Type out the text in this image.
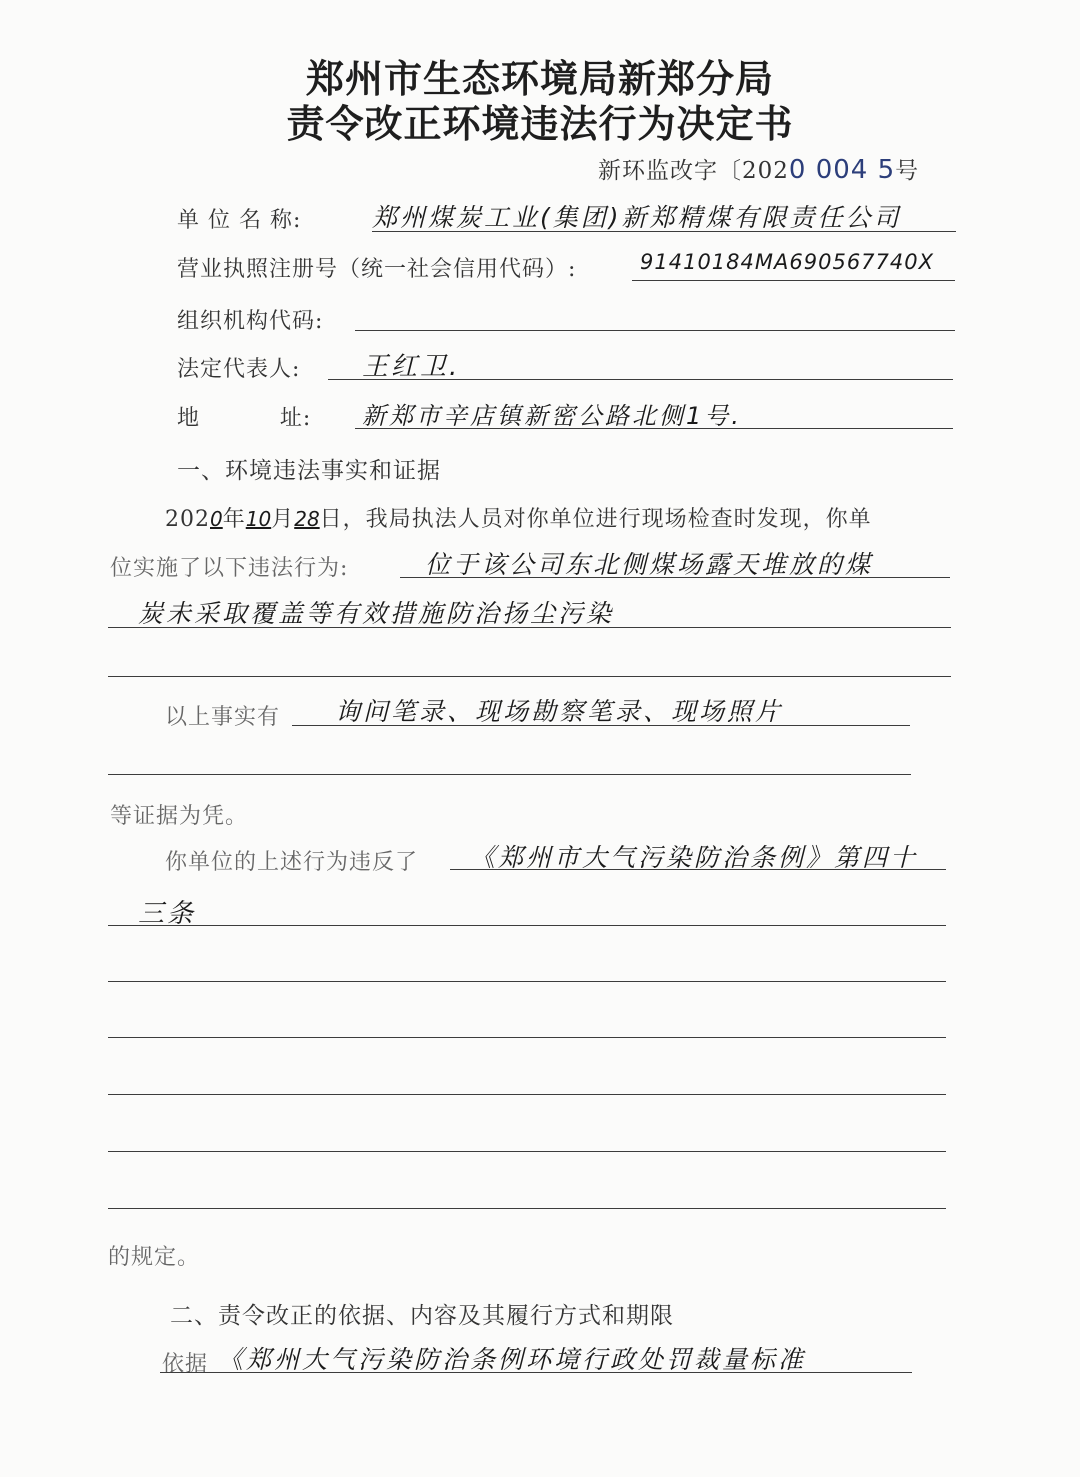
郑州市生态环境局新郑分局
责令改正环境违法行为决定书
新环监改字〔2020 004 5号
单 位 名 称:	郑州煤炭工业(集团)新郑精煤有限责任公司
营业执照注册号（统一社会信用代码）:	91410184MA690567740X
组织机构代码:
法定代表人: 王红卫.
地          址: 新郑市辛店镇新密公路北侧1号.
一、环境违法事实和证据
2020年10月28日，我局执法人员对你单位进行现场检查时发现，你单
位实施了以下违法行为:	位于该公司东北侧煤场露天堆放的煤
炭未采取覆盖等有效措施防治扬尘污染
以上事实有 询问笔录、现场勘察笔录、现场照片
等证据为凭。
你单位的上述行为违反了 《郑州市大气污染防治条例》第四十
三条
的规定。
二、责令改正的依据、内容及其履行方式和期限
依据 《郑州大气污染防治条例环境行政处罚裁量标准
